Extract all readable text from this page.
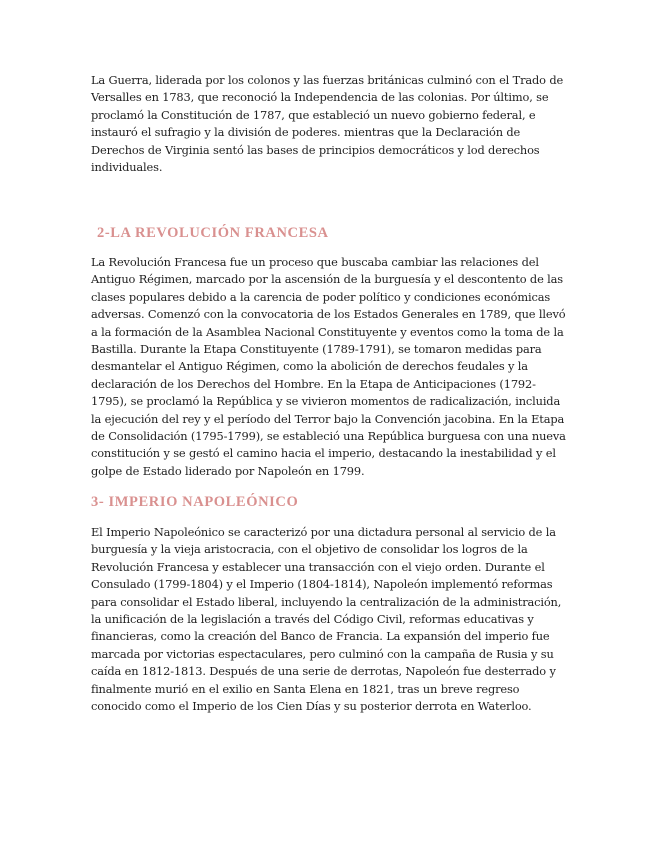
La Guerra, liderada por los colonos y las fuerzas británicas culminó con el Trado de Versalles en 1783, que reconoció la Independencia de las colonias. Por último, se proclamó la Constitución de 1787, que estableció un nuevo gobierno federal, e instauró el sufragio y la división de poderes. mientras que la Declaración de Derechos de Virginia sentó las bases de principios democráticos y lod derechos individuales.

2-LA REVOLUCIÓN FRANCESA

La Revolución Francesa fue un proceso que buscaba cambiar las relaciones del Antiguo Régimen, marcado por la ascensión de la burguesía y el descontento de las clases populares debido a la carencia de poder político y condiciones económicas adversas. Comenzó con la convocatoria de los Estados Generales en 1789, que llevó a la formación de la Asamblea Nacional Constituyente y eventos como la toma de la Bastilla. Durante la Etapa Constituyente (1789-1791), se tomaron medidas para desmantelar el Antiguo Régimen, como la abolición de derechos feudales y la declaración de los Derechos del Hombre. En la Etapa de Anticipaciones (1792-1795), se proclamó la República y se vivieron momentos de radicalización, incluida la ejecución del rey y el período del Terror bajo la Convención jacobina. En la Etapa de Consolidación (1795-1799), se estableció una República burguesa con una nueva constitución y se gestó el camino hacia el imperio, destacando la inestabilidad y el golpe de Estado liderado por Napoleón en 1799.

3- IMPERIO NAPOLEÓNICO

El Imperio Napoleónico se caracterizó por una dictadura personal al servicio de la burguesía y la vieja aristocracia, con el objetivo de consolidar los logros de la Revolución Francesa y establecer una transacción con el viejo orden. Durante el Consulado (1799-1804) y el Imperio (1804-1814), Napoleón implementó reformas para consolidar el Estado liberal, incluyendo la centralización de la administración, la unificación de la legislación a través del Código Civil, reformas educativas y financieras, como la creación del Banco de Francia. La expansión del imperio fue marcada por victorias espectaculares, pero culminó con la campaña de Rusia y su caída en 1812-1813. Después de una serie de derrotas, Napoleón fue desterrado y finalmente murió en el exilio en Santa Elena en 1821, tras un breve regreso conocido como el Imperio de los Cien Días y su posterior derrota en Waterloo.
